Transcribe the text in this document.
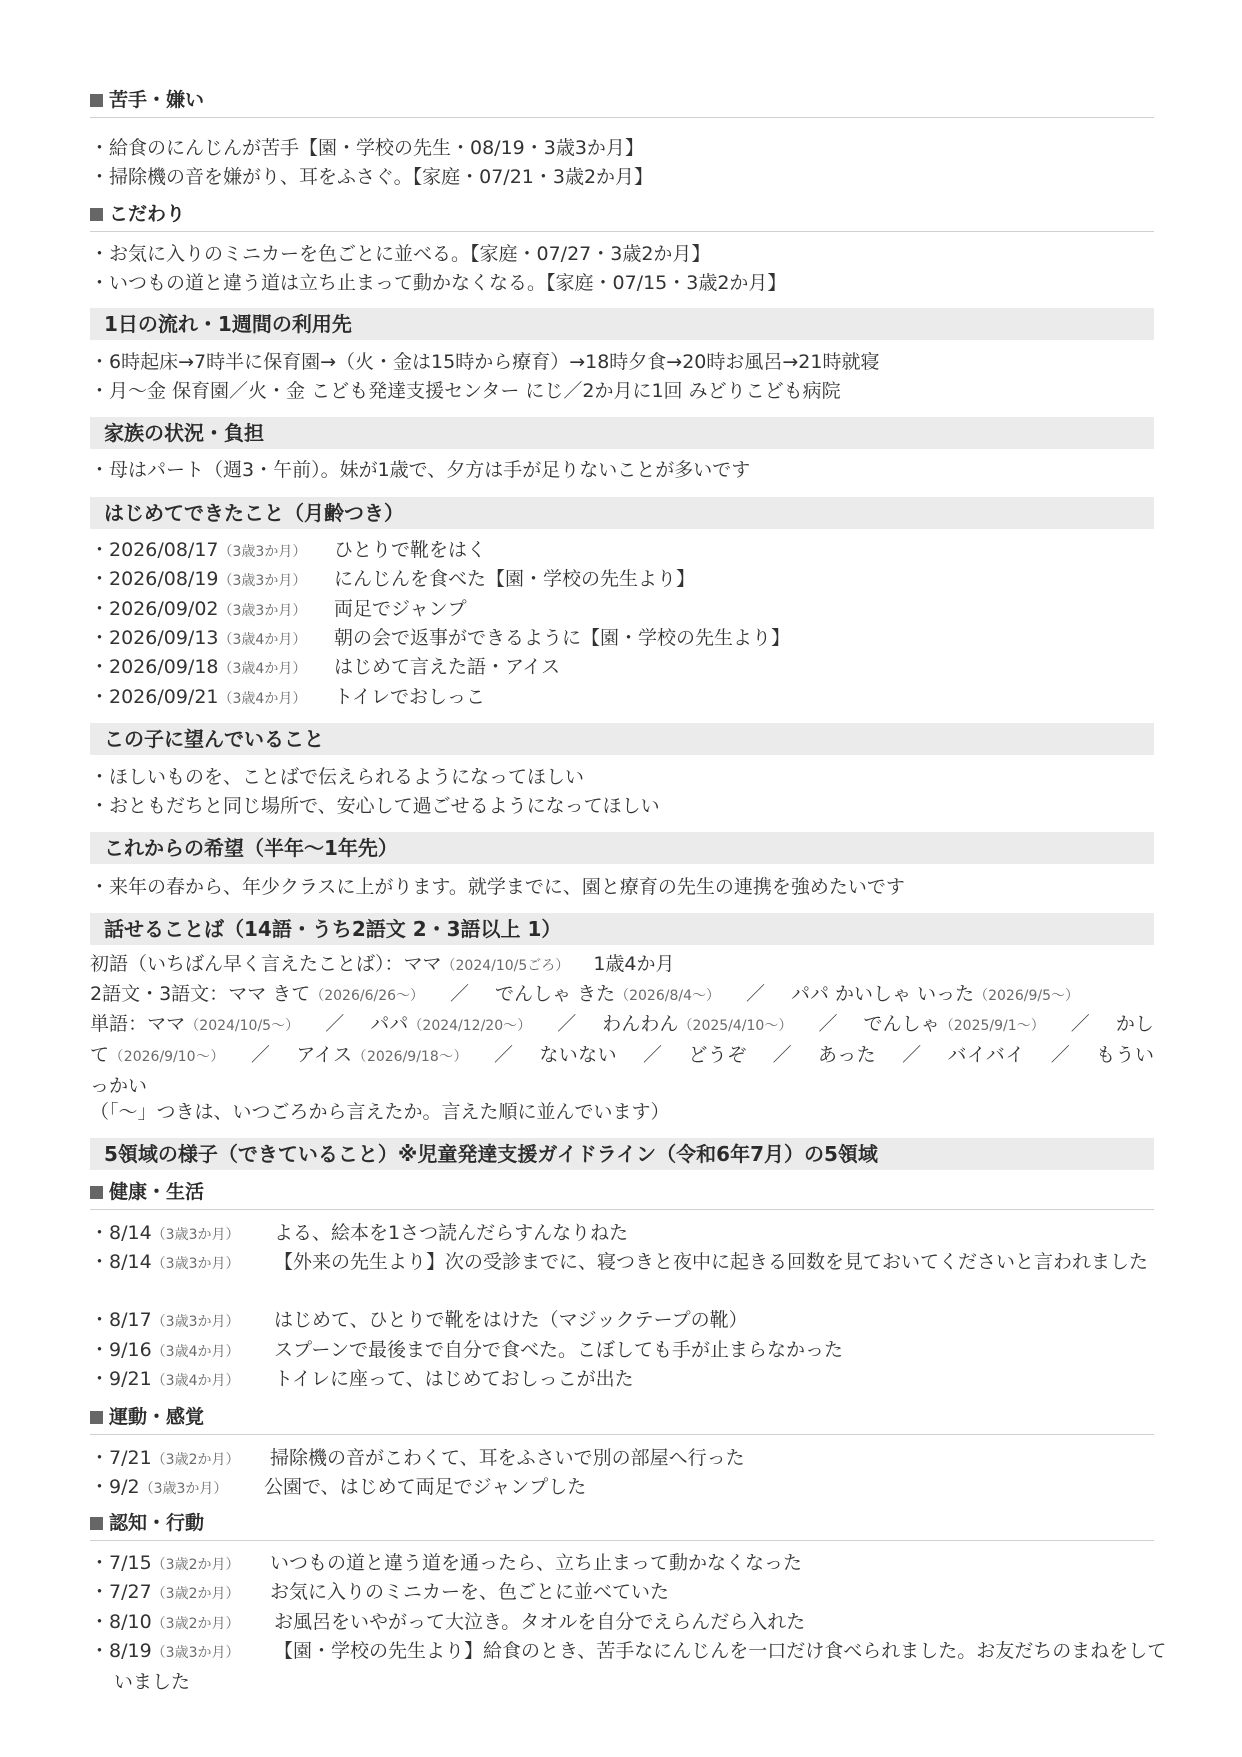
苦手・嫌い
・給食のにんじんが苦手【園・学校の先生・08/19・3歳3か月】
・掃除機の音を嫌がり、耳をふさぐ。【家庭・07/21・3歳2か月】
こだわり
・お気に入りのミニカーを色ごとに並べる。【家庭・07/27・3歳2か月】
・いつもの道と違う道は立ち止まって動かなくなる。【家庭・07/15・3歳2か月】
1日の流れ・1週間の利用先
・6時起床→7時半に保育園→（火・金は15時から療育）→18時夕食→20時お風呂→21時就寝
・月〜金 保育園／火・金 こども発達支援センター にじ／2か月に1回 みどりこども病院
家族の状況・負担
・母はパート（週3・午前）。妹が1歳で、夕方は手が足りないことが多いです
はじめてできたこと（月齢つき）
・2026/08/17（3歳3か月） ひとりで靴をはく
・2026/08/19（3歳3か月） にんじんを食べた【園・学校の先生より】
・2026/09/02（3歳3か月） 両足でジャンプ
・2026/09/13（3歳4か月） 朝の会で返事ができるように【園・学校の先生より】
・2026/09/18（3歳4か月） はじめて言えた語・アイス
・2026/09/21（3歳4か月） トイレでおしっこ
この子に望んでいること
・ほしいものを、ことばで伝えられるようになってほしい
・おともだちと同じ場所で、安心して過ごせるようになってほしい
これからの希望（半年〜1年先）
・来年の春から、年少クラスに上がります。就学までに、園と療育の先生の連携を強めたいです
話せることば（14語・うち2語文 2・3語以上 1）
初語（いちばん早く言えたことば）：ママ（2024/10/5ごろ） 1歳4か月
2語文・3語文：ママ きて（2026/6/26〜） ／ でんしゃ きた（2026/8/4〜） ／ パパ かいしゃ いった（2026/9/5〜）
単語：ママ（2024/10/5〜） ／ パパ（2024/12/20〜） ／ わんわん（2025/4/10〜） ／ でんしゃ（2025/9/1〜） ／ かして（2026/9/10〜） ／ アイス（2026/9/18〜） ／ ないない ／ どうぞ ／ あった ／ バイバイ ／ もういっかい
（「〜」つきは、いつごろから言えたか。言えた順に並んでいます）
5領域の様子（できていること）※児童発達支援ガイドライン（令和6年7月）の5領域
健康・生活
・8/14（3歳3か月） よる、絵本を1さつ読んだらすんなりねた
・8/14（3歳3か月） 【外来の先生より】次の受診までに、寝つきと夜中に起きる回数を見ておいてくださいと言われました
・8/17（3歳3か月） はじめて、ひとりで靴をはけた（マジックテープの靴）
・9/16（3歳4か月） スプーンで最後まで自分で食べた。こぼしても手が止まらなかった
・9/21（3歳4か月） トイレに座って、はじめておしっこが出た
運動・感覚
・7/21（3歳2か月） 掃除機の音がこわくて、耳をふさいで別の部屋へ行った
・9/2（3歳3か月） 公園で、はじめて両足でジャンプした
認知・行動
・7/15（3歳2か月） いつもの道と違う道を通ったら、立ち止まって動かなくなった
・7/27（3歳2か月） お気に入りのミニカーを、色ごとに並べていた
・8/10（3歳2か月） お風呂をいやがって大泣き。タオルを自分でえらんだら入れた
・8/19（3歳3か月） 【園・学校の先生より】給食のとき、苦手なにんじんを一口だけ食べられました。お友だちのまねをしていました
